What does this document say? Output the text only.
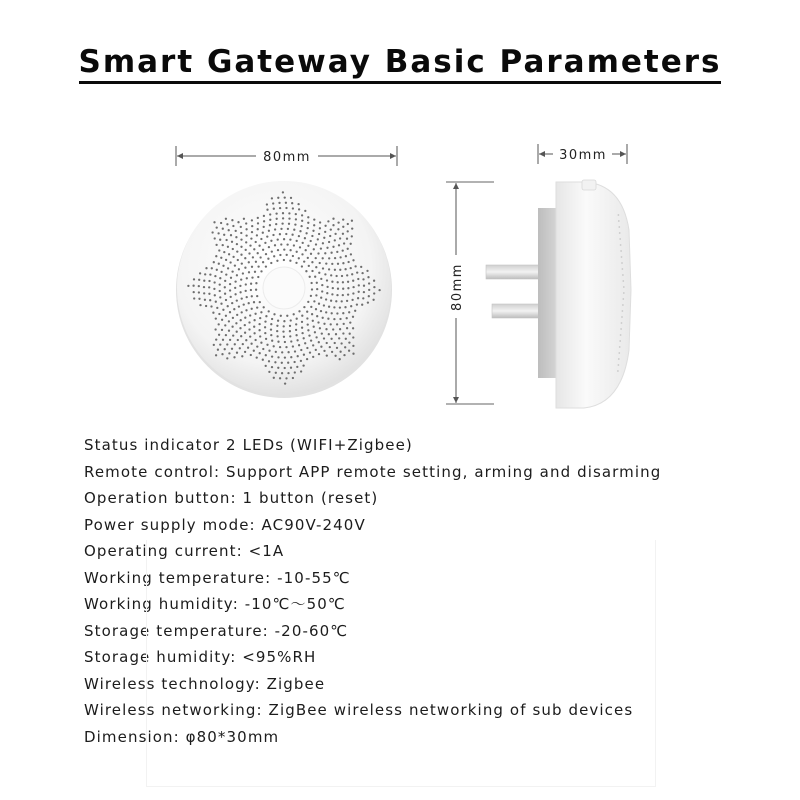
Smart Gateway Basic Parameters
80mm	30mm
80mm
Status indicator 2 LEDs (WIFI+Zigbee)
Remote control: Support APP remote setting, arming and disarming
Operation button: 1 button (reset)
Power supply mode: AC90V-240V
Operating current: <1A
Working temperature: -10-55℃
Working humidity: -10℃～50℃
Storage temperature: -20-60℃
Storage humidity: <95%RH
Wireless technology: Zigbee
Wireless networking: ZigBee wireless networking of sub devices
Dimension: φ80*30mm
